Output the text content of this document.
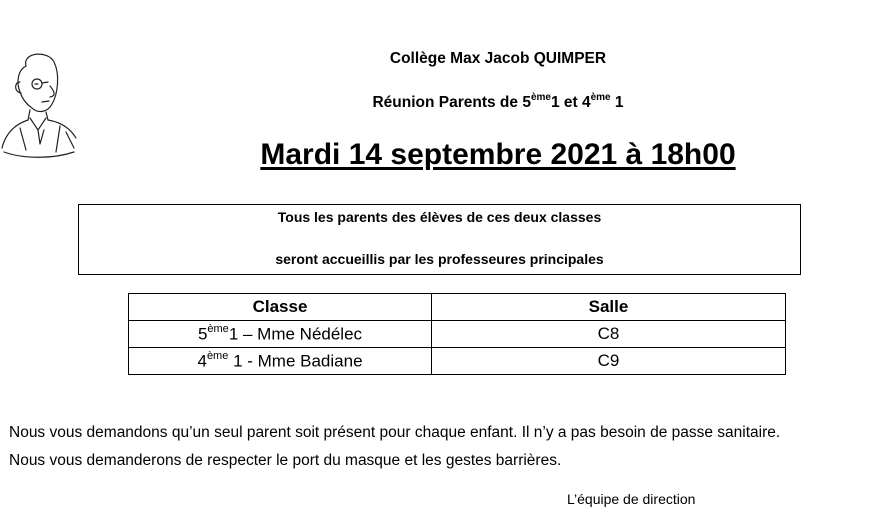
Collège Max Jacob QUIMPER
Réunion Parents de 5ème1 et 4ème 1
Mardi 14 septembre 2021 à 18h00
Tous les parents des élèves de ces deux classes
seront accueillis par les professeures principales
Classe	Salle
5ème1 – Mme Nédélec	C8
4ème 1 - Mme Badiane	C9
Nous vous demandons qu’un seul parent soit présent pour chaque enfant. Il n’y a pas besoin de passe sanitaire.
Nous vous demanderons de respecter le port du masque et les gestes barrières.
L’équipe de direction
